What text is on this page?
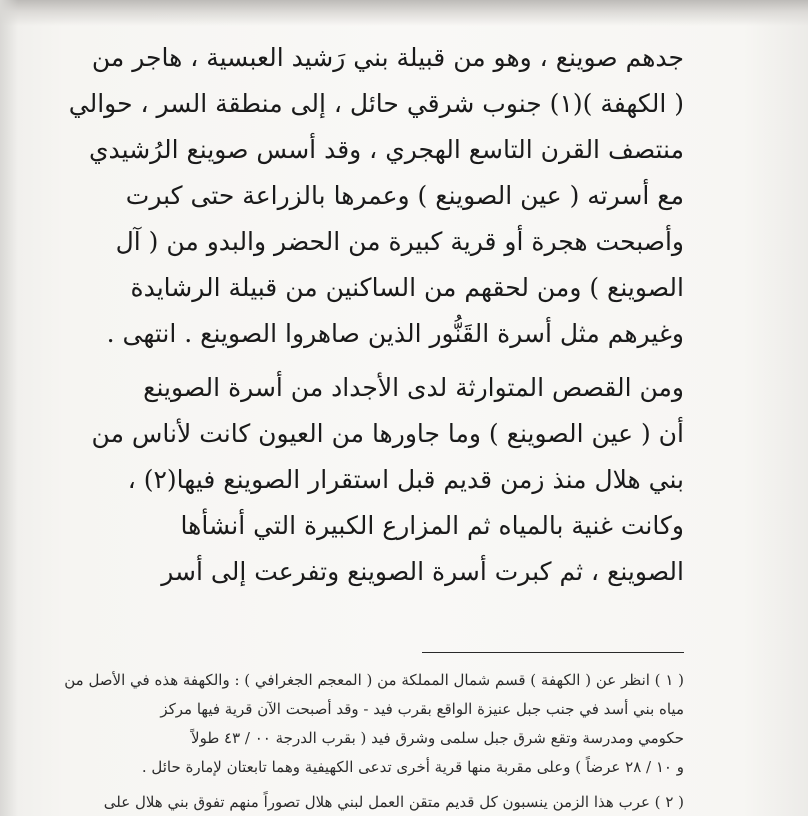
جدهم صوينع ، وهو من قبيلة بني رَشيد العبسية ، هاجر من
( الكهفة )(١) جنوب شرقي حائل ، إلى منطقة السر ، حوالي
منتصف القرن التاسع الهجري ، وقد أسس صوينع الرُشيدي
مع أسرته ( عين الصوينع ) وعمرها بالزراعة حتى كبرت
وأصبحت هجرة أو قرية كبيرة من الحضر والبدو من ( آل
الصوينع ) ومن لحقهم من الساكنين من قبيلة الرشايدة
وغيرهم مثل أسرة القَنُّور الذين صاهروا الصوينع . انتهى .
ومن القصص المتوارثة لدى الأجداد من أسرة الصوينع
أن ( عين الصوينع ) وما جاورها من العيون كانت لأناس من
بني هلال منذ زمن قديم قبل استقرار الصوينع فيها(٢) ،
وكانت غنية بالمياه ثم المزارع الكبيرة التي أنشأها
الصوينع ، ثم كبرت أسرة الصوينع وتفرعت إلى أسر
( ١ ) انظر عن ( الكهفة ) قسم شمال المملكة من ( المعجم الجغرافي ) : والكهفة هذه في الأصل من
مياه بني أسد في جنب جبل عنيزة الواقع بقرب فيد - وقد أصبحت الآن قرية فيها مركز
حكومي ومدرسة وتقع شرق جبل سلمى وشرق فيد ( بقرب الدرجة ٠٠ / ٤٣ طولاً
و ١٠ / ٢٨ عرضاً ) وعلى مقربة منها قرية أخرى تدعى الكهيفية وهما تابعتان لإمارة حائل .
( ٢ ) عرب هذا الزمن ينسبون كل قديم متقن العمل لبني هلال تصوراً منهم تفوق بني هلال على
